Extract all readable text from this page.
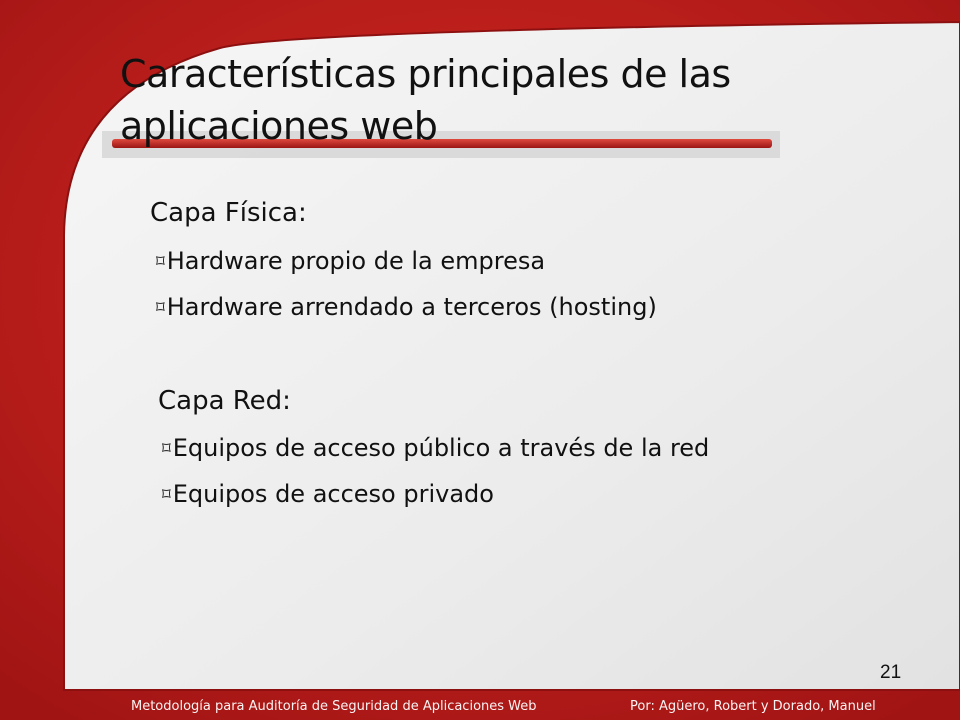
Características principales de las
aplicaciones web
Capa Física:
⌑ Hardware propio de la empresa
⌑ Hardware arrendado a terceros (hosting)
Capa Red:
⌑ Equipos de acceso público a través de la red
⌑ Equipos de acceso privado
21
Metodología para Auditoría de Seguridad de Aplicaciones Web	Por: Agüero, Robert y Dorado, Manuel
